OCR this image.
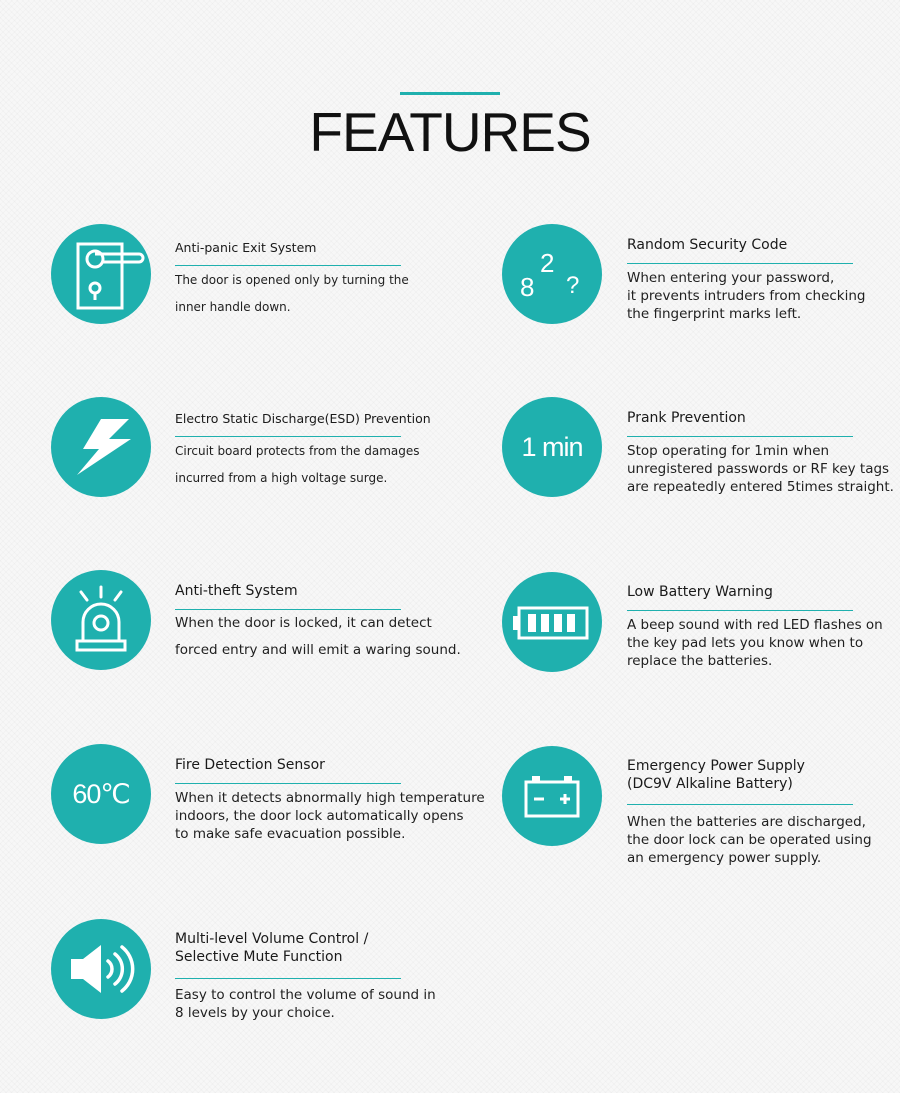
FEATURES
Anti-panic Exit System
The door is opened only by turning the
inner handle down.
8
2
?
Random Security Code
When entering your password,
it prevents intruders from checking
the fingerprint marks left.
Electro Static Discharge(ESD) Prevention
Circuit board protects from the damages
incurred from a high voltage surge.
1 min
Prank Prevention
Stop operating for 1min when
unregistered passwords or RF key tags
are repeatedly entered 5times straight.
Anti-theft System
When the door is locked, it can detect
forced entry and will emit a waring sound.
Low Battery Warning
A beep sound with red LED flashes on
the key pad lets you know when to
replace the batteries.
60℃
Fire Detection Sensor
When it detects abnormally high temperature
indoors, the door lock automatically opens
to make safe evacuation possible.
Emergency Power Supply
(DC9V Alkaline Battery)
When the batteries are discharged,
the door lock can be operated using
an emergency power supply.
Multi-level Volume Control /
Selective Mute Function
Easy to control the volume of sound in
8 levels by your choice.
